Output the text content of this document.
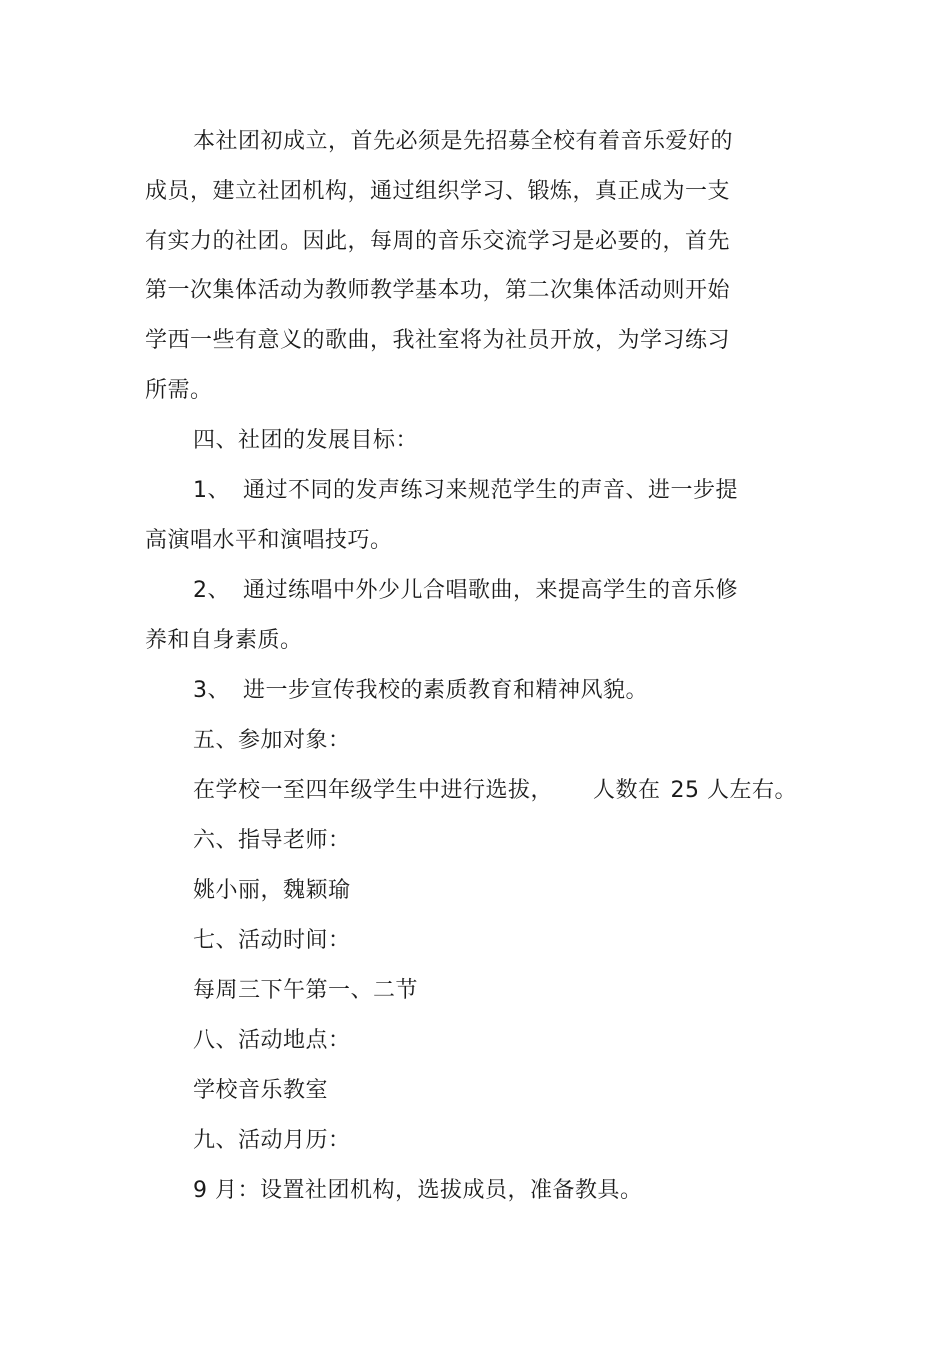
本社团初成立，首先必须是先招募全校有着音乐爱好的
成员，建立社团机构，通过组织学习、锻炼，真正成为一支
有实力的社团。因此，每周的音乐交流学习是必要的，首先
第一次集体活动为教师教学基本功，第二次集体活动则开始
学西一些有意义的歌曲，我社室将为社员开放，为学习练习
所需。
四、社团的发展目标：
1、 通过不同的发声练习来规范学生的声音、进一步提
高演唱水平和演唱技巧。
2、 通过练唱中外少儿合唱歌曲，来提高学生的音乐修
养和自身素质。
3、 进一步宣传我校的素质教育和精神风貌。
五、参加对象：
在学校一至四年级学生中进行选拔， 人数在 25 人左右。
六、指导老师：
姚小丽，魏颖瑜
七、活动时间：
每周三下午第一、二节
八、活动地点：
学校音乐教室
九、活动月历：
9 月：设置社团机构，选拔成员，准备教具。
